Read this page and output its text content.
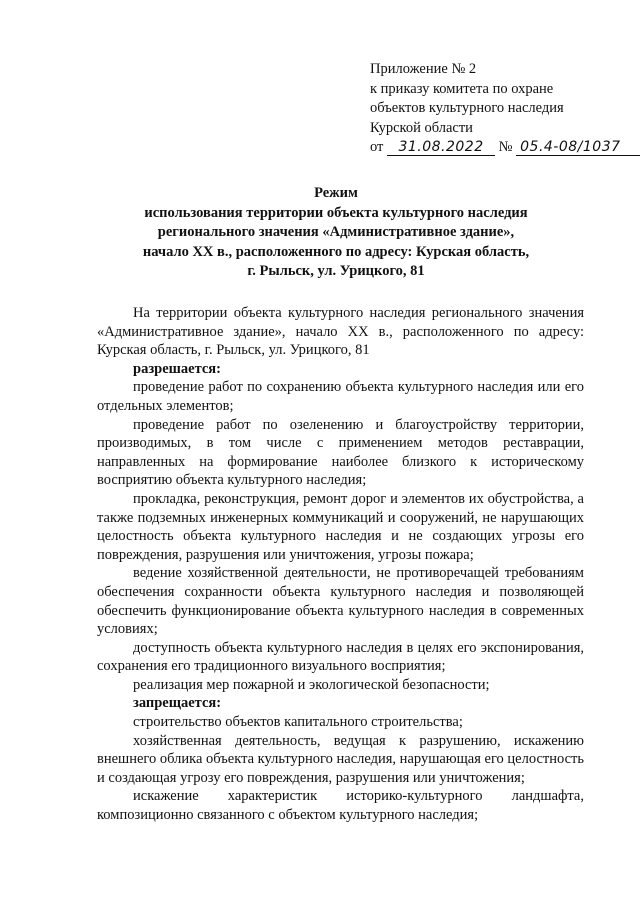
Приложение № 2
к приказу комитета по охране
объектов культурного наследия
Курской области
от 31.08.2022 № 05.4-08/1037
Режим
использования территории объекта культурного наследия
регионального значения «Административное здание»,
начало XX в., расположенного по адресу: Курская область,
г. Рыльск, ул. Урицкого, 81

На территории объекта культурного наследия регионального значения «Административное здание», начало XX в., расположенного по адресу: Курская область, г. Рыльск, ул. Урицкого, 81

разрешается:

проведение работ по сохранению объекта культурного наследия или его отдельных элементов;

проведение работ по озеленению и благоустройству территории, производимых, в том числе с применением методов реставрации, направленных на формирование наиболее близкого к историческому восприятию объекта культурного наследия;

прокладка, реконструкция, ремонт дорог и элементов их обустройства, а также подземных инженерных коммуникаций и сооружений, не нарушающих целостность объекта культурного наследия и не создающих угрозы его повреждения, разрушения или уничтожения, угрозы пожара;

ведение хозяйственной деятельности, не противоречащей требованиям обеспечения сохранности объекта культурного наследия и позволяющей обеспечить функционирование объекта культурного наследия в современных условиях;

доступность объекта культурного наследия в целях его экспонирования, сохранения его традиционного визуального восприятия;

реализация мер пожарной и экологической безопасности;

запрещается:

строительство объектов капитального строительства;

хозяйственная деятельность, ведущая к разрушению, искажению внешнего облика объекта культурного наследия, нарушающая его целостность и создающая угрозу его повреждения, разрушения или уничтожения;

искажение характеристик историко-культурного ландшафта, композиционно связанного с объектом культурного наследия;
